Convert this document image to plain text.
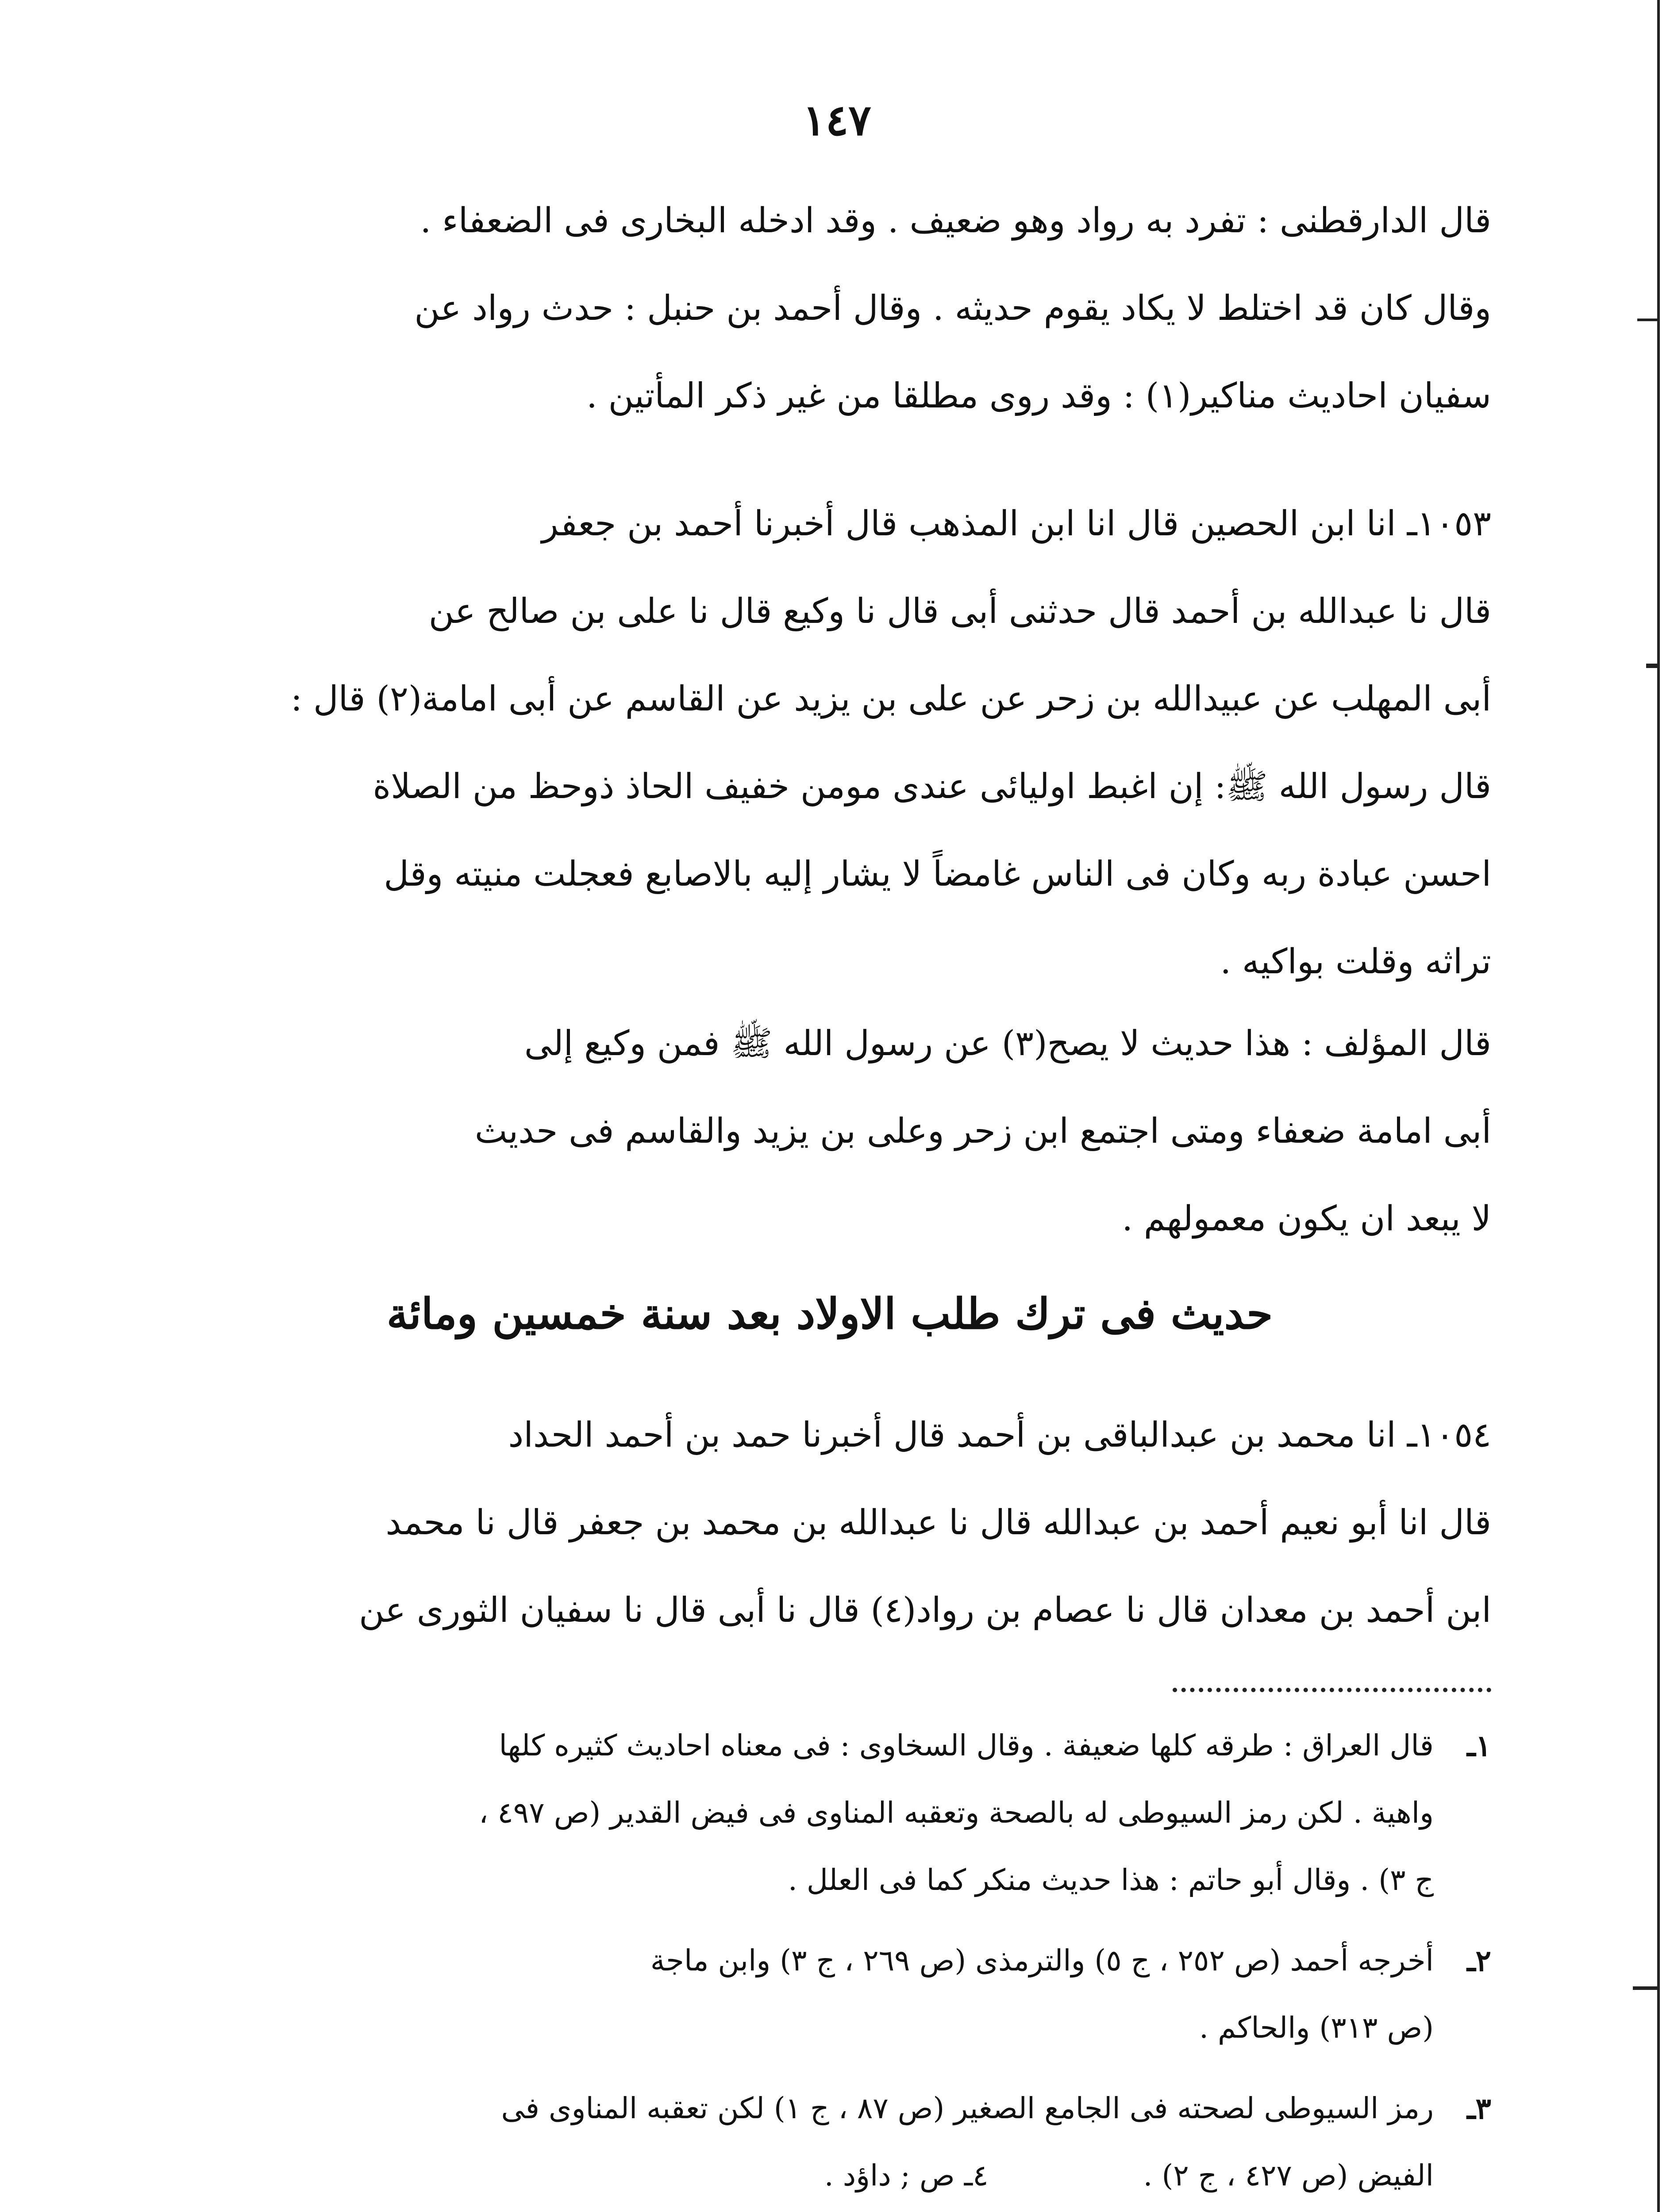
١٤٧
قال الدارقطنى : تفرد به رواد وهو ضعيف . وقد ادخله البخارى فى الضعفاء .
وقال كان قد اختلط لا يكاد يقوم حديثه . وقال أحمد بن حنبل : حدث رواد عن
سفيان احاديث مناكير(١) : وقد روى مطلقا من غير ذكر المأتين .
١٠٥٣ـ انا ابن الحصين قال انا ابن المذهب قال أخبرنا أحمد بن جعفر
قال نا عبدالله بن أحمد قال حدثنى أبى قال نا وكيع قال نا على بن صالح عن
أبى المهلب عن عبيدالله بن زحر عن على بن يزيد عن القاسم عن أبى امامة(٢) قال :
قال رسول الله ﷺ: إن اغبط اوليائى عندى مومن خفيف الحاذ ذوحظ من الصلاة
احسن عبادة ربه وكان فى الناس غامضاً لا يشار إليه بالاصابع فعجلت منيته وقل
تراثه وقلت بواكيه .
قال المؤلف : هذا حديث لا يصح(٣) عن رسول الله ﷺ فمن وكيع إلى
أبى امامة ضعفاء ومتى اجتمع ابن زحر وعلى بن يزيد والقاسم فى حديث
لا يبعد ان يكون معمولهم .
حديث فى ترك طلب الاولاد بعد سنة خمسين ومائة
١٠٥٤ـ انا محمد بن عبدالباقى بن أحمد قال أخبرنا حمد بن أحمد الحداد
قال انا أبو نعيم أحمد بن عبدالله قال نا عبدالله بن محمد بن جعفر قال نا محمد
ابن أحمد بن معدان قال نا عصام بن رواد(٤) قال نا أبى قال نا سفيان الثورى عن
١ـ
قال العراق : طرقه كلها ضعيفة . وقال السخاوى : فى معناه احاديث كثيره كلها
واهية . لكن رمز السيوطى له بالصحة وتعقبه المناوى فى فيض القدير (ص ٤٩٧ ،
ج ٣) . وقال أبو حاتم : هذا حديث منكر كما فى العلل .
٢ـ
أخرجه أحمد (ص ٢٥٢ ، ج ٥) والترمذى (ص ٢٦٩ ، ج ٣) وابن ماجة
(ص ٣١٣) والحاكم .
٣ـ
رمز السيوطى لصحته فى الجامع الصغير (ص ٨٧ ، ج ١) لكن تعقبه المناوى فى
الفيض (ص ٤٢٧ ، ج ٢) .٤ـ ص ; داؤد .
